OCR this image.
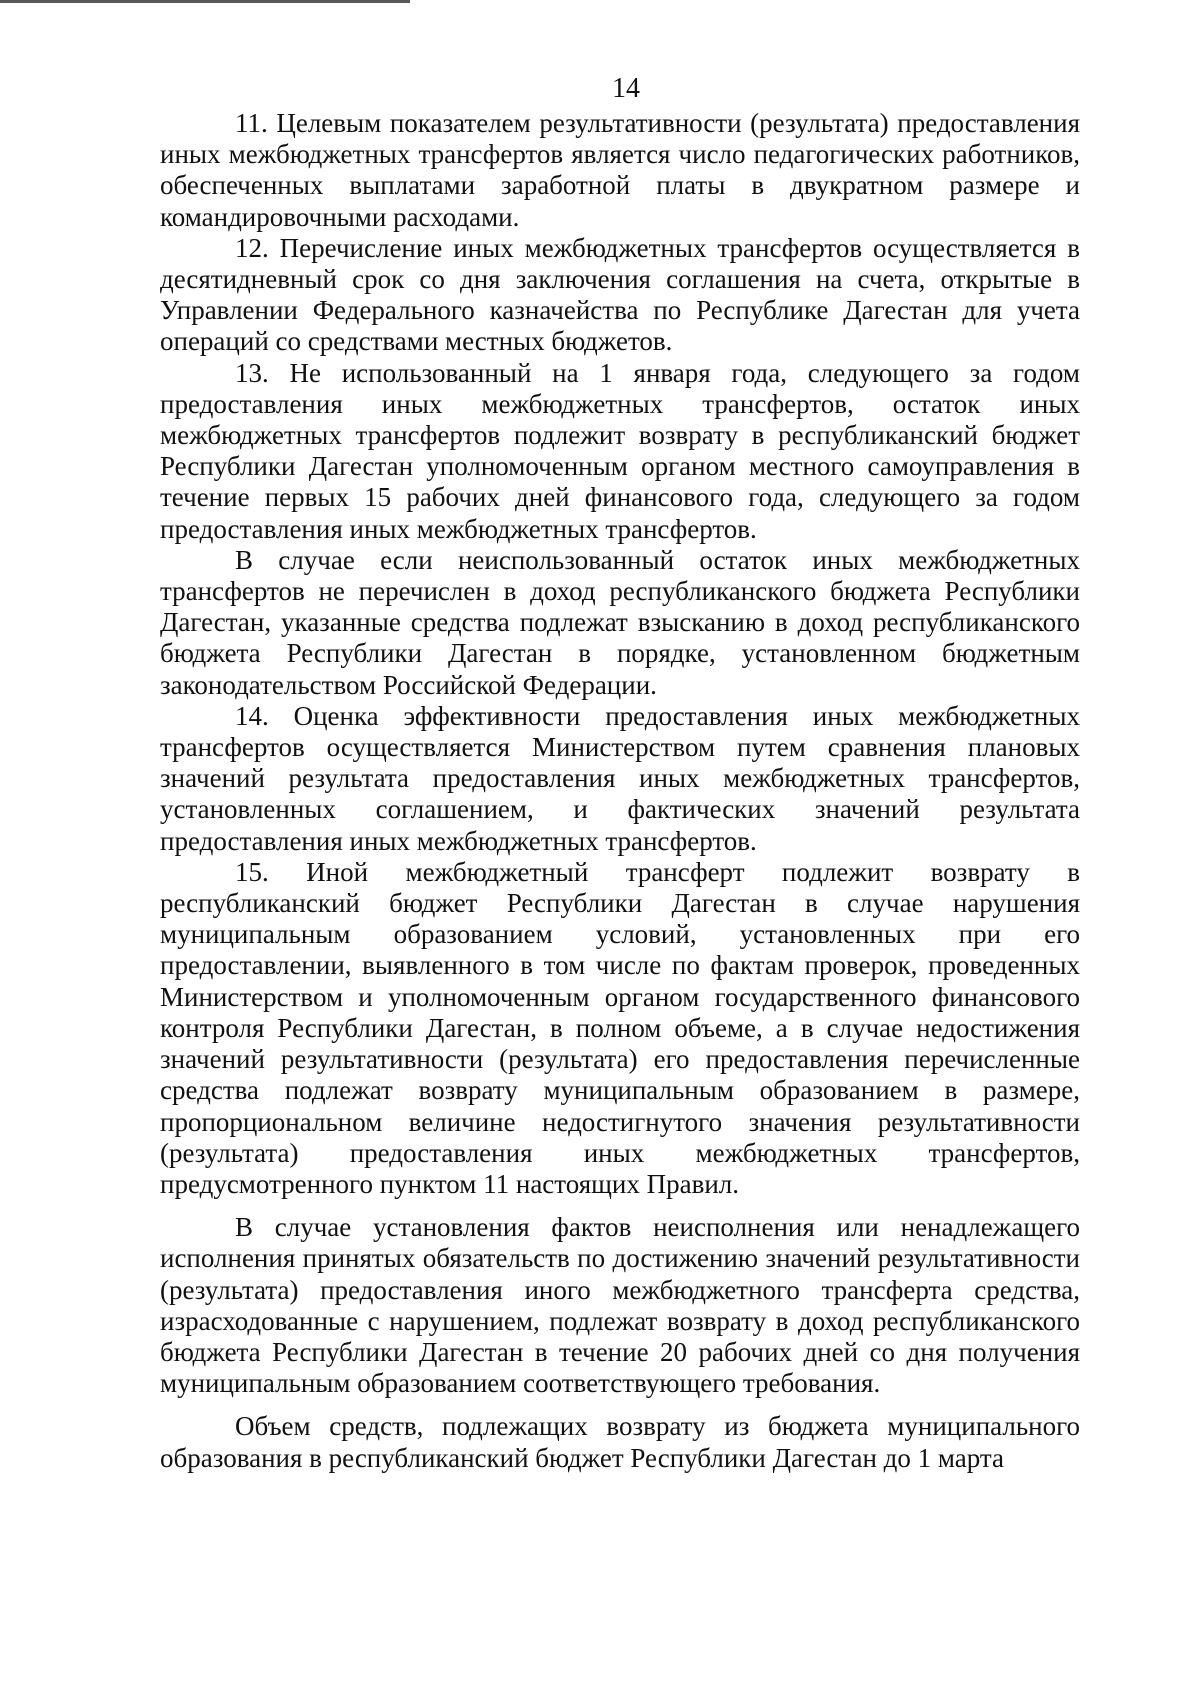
14

11. Целевым показателем результативности (результата) предоставления иных межбюджетных трансфертов является число педагогических работников, обеспеченных выплатами заработной платы в двукратном размере и командировочными расходами.

12. Перечисление иных межбюджетных трансфертов осуществляется в десятидневный срок со дня заключения соглашения на счета, открытые в Управлении Федерального казначейства по Республике Дагестан для учета операций со средствами местных бюджетов.

13. Не использованный на 1 января года, следующего за годом предоставления иных межбюджетных трансфертов, остаток иных межбюджетных трансфертов подлежит возврату в республиканский бюджет Республики Дагестан уполномоченным органом местного самоуправления в течение первых 15 рабочих дней финансового года, следующего за годом предоставления иных межбюджетных трансфертов.

В случае если неиспользованный остаток иных межбюджетных трансфертов не перечислен в доход республиканского бюджета Республики Дагестан, указанные средства подлежат взысканию в доход республиканского бюджета Республики Дагестан в порядке, установленном бюджетным законодательством Российской Федерации.

14. Оценка эффективности предоставления иных межбюджетных трансфертов осуществляется Министерством путем сравнения плановых значений результата предоставления иных межбюджетных трансфертов, установленных соглашением, и фактических значений результата предоставления иных межбюджетных трансфертов.

15. Иной межбюджетный трансферт подлежит возврату в республиканский бюджет Республики Дагестан в случае нарушения муниципальным образованием условий, установленных при его предоставлении, выявленного в том числе по фактам проверок, проведенных Министерством и уполномоченным органом государственного финансового контроля Республики Дагестан, в полном объеме, а в случае недостижения значений результативности (результата) его предоставления перечисленные средства подлежат возврату муниципальным образованием в размере, пропорциональном величине недостигнутого значения результативности (результата) предоставления иных межбюджетных трансфертов, предусмотренного пунктом 11 настоящих Правил.

В случае установления фактов неисполнения или ненадлежащего исполнения принятых обязательств по достижению значений результативности (результата) предоставления иного межбюджетного трансферта средства, израсходованные с нарушением, подлежат возврату в доход республиканского бюджета Республики Дагестан в течение 20 рабочих дней со дня получения муниципальным образованием соответствующего требования.

Объем средств, подлежащих возврату из бюджета муниципального образования в республиканский бюджет Республики Дагестан до 1 марта
